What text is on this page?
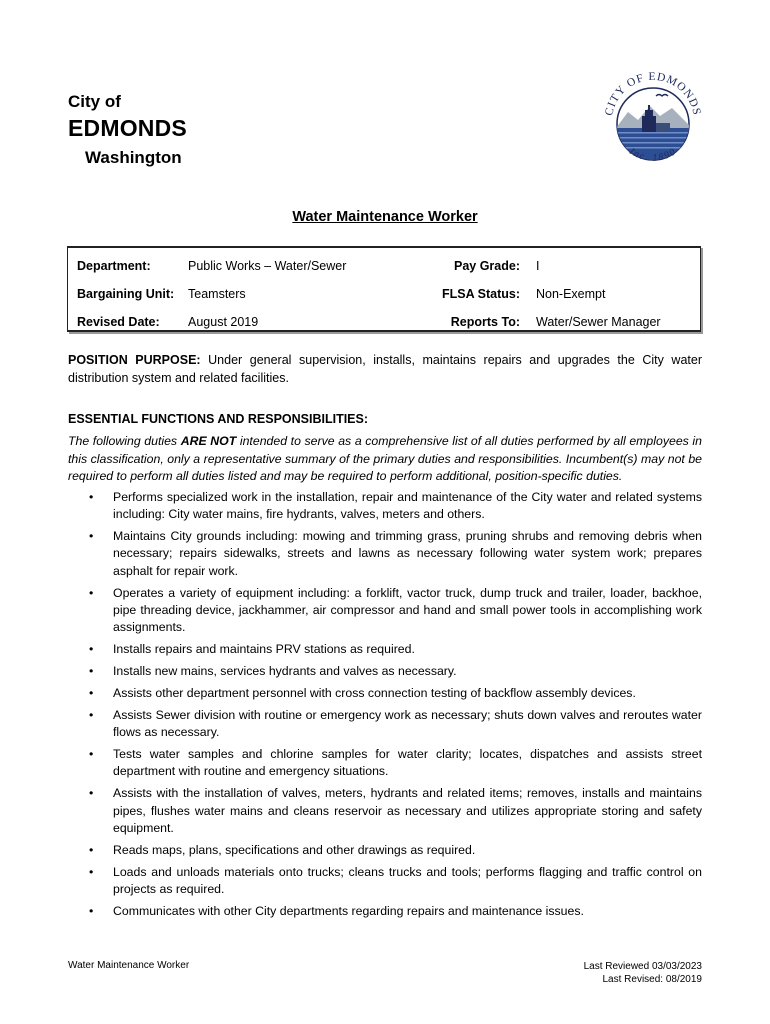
City of
EDMONDS
Washington
CITY OF EDMONDS
Inc. 1890
Water Maintenance Worker
Department:	Public Works – Water/Sewer	Pay Grade: I
Bargaining Unit: Teamsters	FLSA Status: Non-Exempt
Revised Date: August 2019	Reports To: Water/Sewer Manager
POSITION PURPOSE: Under general supervision, installs, maintains repairs and upgrades the City water distribution system and related facilities.
ESSENTIAL FUNCTIONS AND RESPONSIBILITIES:
The following duties ARE NOT intended to serve as a comprehensive list of all duties performed by all employees in this classification, only a representative summary of the primary duties and responsibilities. Incumbent(s) may not be required to perform all duties listed and may be required to perform additional, position-specific duties.
• Performs specialized work in the installation, repair and maintenance of the City water and related systems including: City water mains, fire hydrants, valves, meters and others.
• Maintains City grounds including: mowing and trimming grass, pruning shrubs and removing debris when necessary; repairs sidewalks, streets and lawns as necessary following water system work; prepares asphalt for repair work.
• Operates a variety of equipment including: a forklift, vactor truck, dump truck and trailer, loader, backhoe, pipe threading device, jackhammer, air compressor and hand and small power tools in accomplishing work assignments.
• Installs repairs and maintains PRV stations as required.
• Installs new mains, services hydrants and valves as necessary.
• Assists other department personnel with cross connection testing of backflow assembly devices.
• Assists Sewer division with routine or emergency work as necessary; shuts down valves and reroutes water flows as necessary.
• Tests water samples and chlorine samples for water clarity; locates, dispatches and assists street department with routine and emergency situations.
• Assists with the installation of valves, meters, hydrants and related items; removes, installs and maintains pipes, flushes water mains and cleans reservoir as necessary and utilizes appropriate storing and safety equipment.
• Reads maps, plans, specifications and other drawings as required.
• Loads and unloads materials onto trucks; cleans trucks and tools; performs flagging and traffic control on projects as required.
• Communicates with other City departments regarding repairs and maintenance issues.
Water Maintenance Worker	Last Reviewed 03/03/2023
Last Revised: 08/2019
